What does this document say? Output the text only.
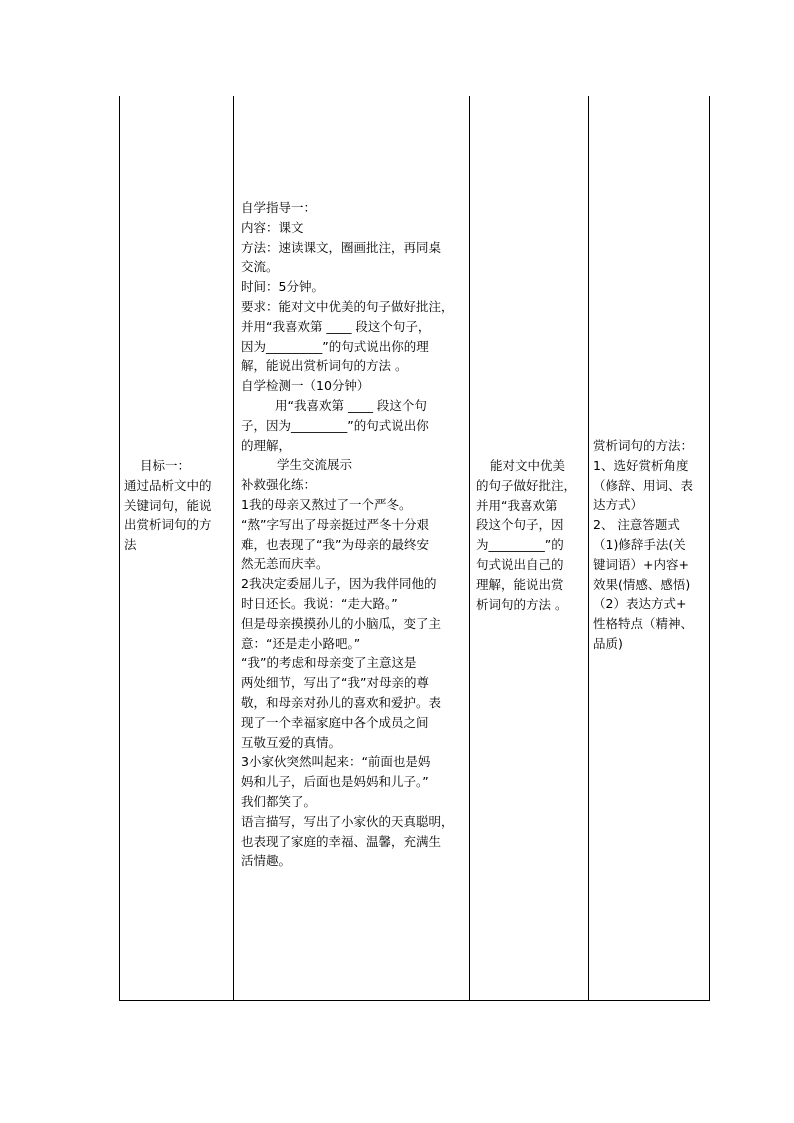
目标一：

通过品析文中的

关键词句，能说

出赏析词句的方

法

自学指导一：

内容：课文

方法：速读课文，圈画批注，再同桌

交流。

时间：5分钟。

要求：能对文中优美的句子做好批注，

并用“我喜欢第 ____ 段这个句子，

因为_________”的句式说出你的理

解，能说出赏析词句的方法 。

自学检测一（10分钟）

用“我喜欢第 ____ 段这个句

子，因为_________”的句式说出你

的理解，

学生交流展示

补救强化练：

1我的母亲又熬过了一个严冬。

“熬”字写出了母亲挺过严冬十分艰

难，也表现了“我”为母亲的最终安

然无恙而庆幸。

2我决定委屈儿子，因为我伴同他的

时日还长。我说：“走大路。”

但是母亲摸摸孙儿的小脑瓜，变了主

意：“还是走小路吧。”

“我”的考虑和母亲变了主意这是

两处细节，写出了“我”对母亲的尊

敬，和母亲对孙儿的喜欢和爱护。表

现了一个幸福家庭中各个成员之间

互敬互爱的真情。

3小家伙突然叫起来：“前面也是妈

妈和儿子，后面也是妈妈和儿子。”

我们都笑了。

语言描写，写出了小家伙的天真聪明，

也表现了家庭的幸福、温馨，充满生

活情趣。

能对文中优美

的句子做好批注，

并用“我喜欢第

段这个句子，因

为_________”的

句式说出自己的

理解，能说出赏

析词句的方法 。

赏析词句的方法：

1、选好赏析角度

（修辞、用词、表

达方式）

2、 注意答题式

（1)修辞手法(关

键词语）+内容+

效果(情感、感悟)

（2）表达方式+

性格特点（精神、

品质)
